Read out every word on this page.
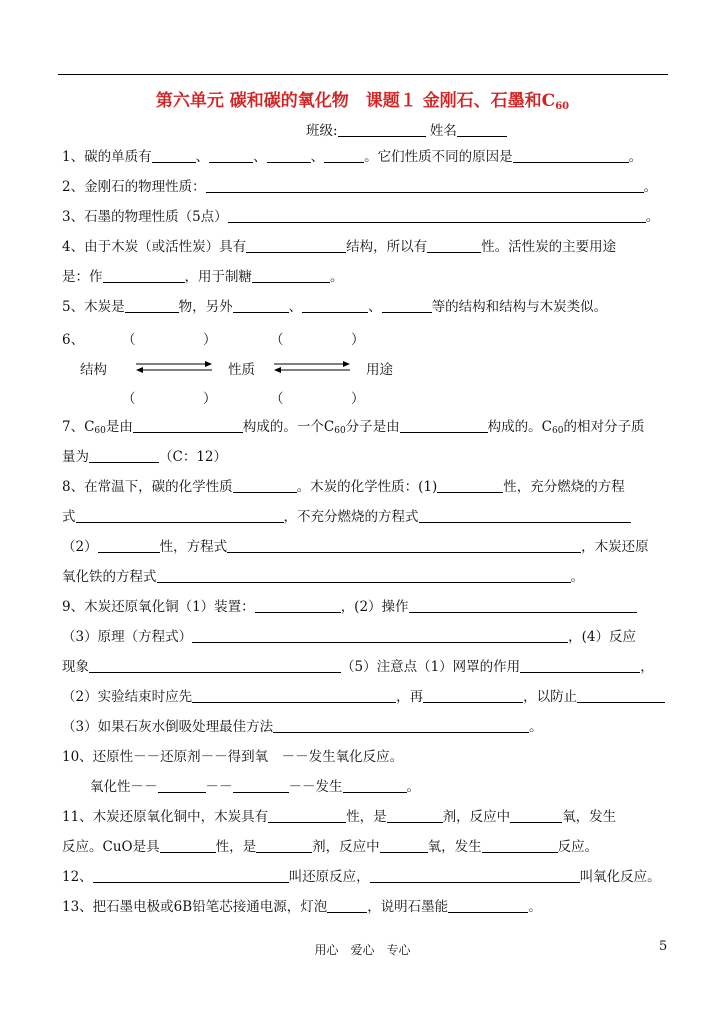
第六单元 碳和碳的氧化物　课题１ 金刚石、石墨和$C_{60}$
班级:	姓名
1、碳的单质有	、	、	、	。它们性质不同的原因是	。
2、金刚石的物理性质：	。
3、石墨的物理性质（5点）	。
4、由于木炭（或活性炭）具有	结构，所以有	性。活性炭的主要用途
是：作	，用于制糖	。
5、木炭是	物，另外	、	、	等的结构和结构与木炭类似。
6、	（　　　　　）	（　　　　　）
结构	性质	用途
（　　　　　）	（　　　　　）
7、$C_{60}$是由	构成的。一个$C_{60}$分子是由	构成的。$C_{60}$的相对分子质
量为	（C：12）
8、在常温下，碳的化学性质	。木炭的化学性质：(1)	性，充分燃烧的方程
式	，不充分燃烧的方程式
（2）	性，方程式	，木炭还原
氧化铁的方程式	。
9、木炭还原氧化铜（1）装置：	，(2）操作
（3）原理（方程式）	，(4）反应
现象	（5）注意点（1）网罩的作用	，
（2）实验结束时应先	，再	，以防止
（3）如果石灰水倒吸处理最佳方法	。
10、还原性－－还原剂－－得到氧　－－发生氧化反应。
氧化性－－	－－	－－发生	。
11、木炭还原氧化铜中，木炭具有	性，是	剂，反应中	氧，发生
反应。CuO是具	性，是	剂，反应中	氧，发生	反应。
12、	叫还原反应，	叫氧化反应。
13、把石墨电极或6B铅笔芯接通电源，灯泡	，说明石墨能	。
用心　爱心　专心	5
